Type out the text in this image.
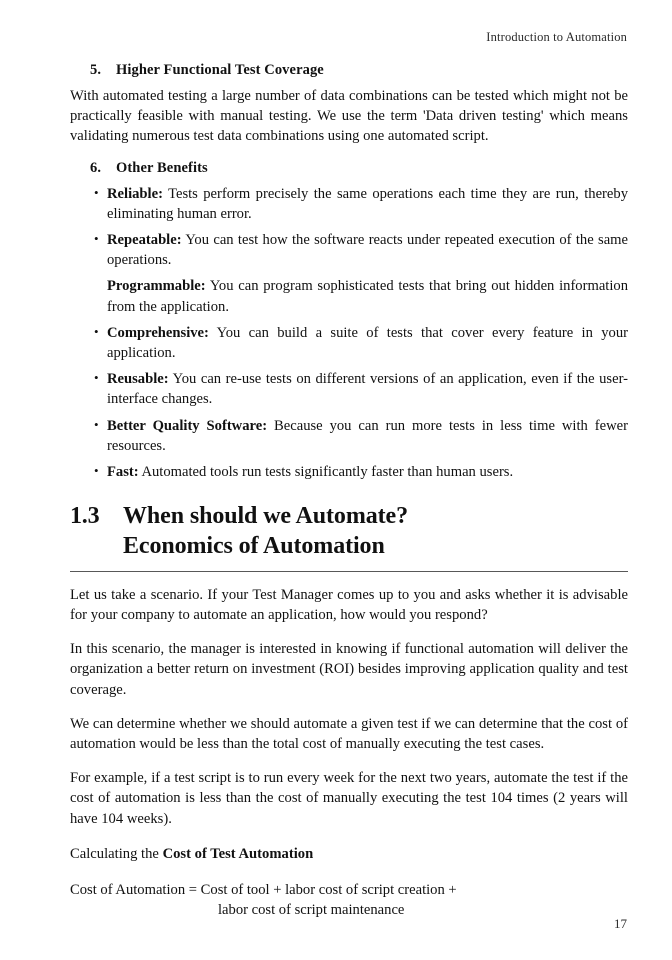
Introduction to Automation
5.	Higher Functional Test Coverage

With automated testing a large number of data combinations can be tested which might not be practically feasible with manual testing. We use the term 'Data driven testing' which means validating numerous test data combinations using one automated script.

6.	Other Benefits
• Reliable: Tests perform precisely the same operations each time they are run, thereby eliminating human error.
• Repeatable: You can test how the software reacts under repeated execution of the same operations.
Programmable: You can program sophisticated tests that bring out hidden information from the application.
• Comprehensive: You can build a suite of tests that cover every feature in your application.
• Reusable: You can re-use tests on different versions of an application, even if the user-interface changes.
• Better Quality Software: Because you can run more tests in less time with fewer resources.
• Fast: Automated tools run tests significantly faster than human users.
1.3 When should we Automate?
Economics of Automation

Let us take a scenario. If your Test Manager comes up to you and asks whether it is advisable for your company to automate an application, how would you respond?

In this scenario, the manager is interested in knowing if functional automation will deliver the organization a better return on investment (ROI) besides improving application quality and test coverage.

We can determine whether we should automate a given test if we can determine that the cost of automation would be less than the total cost of manually executing the test cases.

For example, if a test script is to run every week for the next two years, automate the test if the cost of automation is less than the cost of manually executing the test 104 times (2 years will have 104 weeks).

Calculating the Cost of Test Automation

Cost of Automation = Cost of tool + labor cost of script creation +
labor cost of script maintenance
17
